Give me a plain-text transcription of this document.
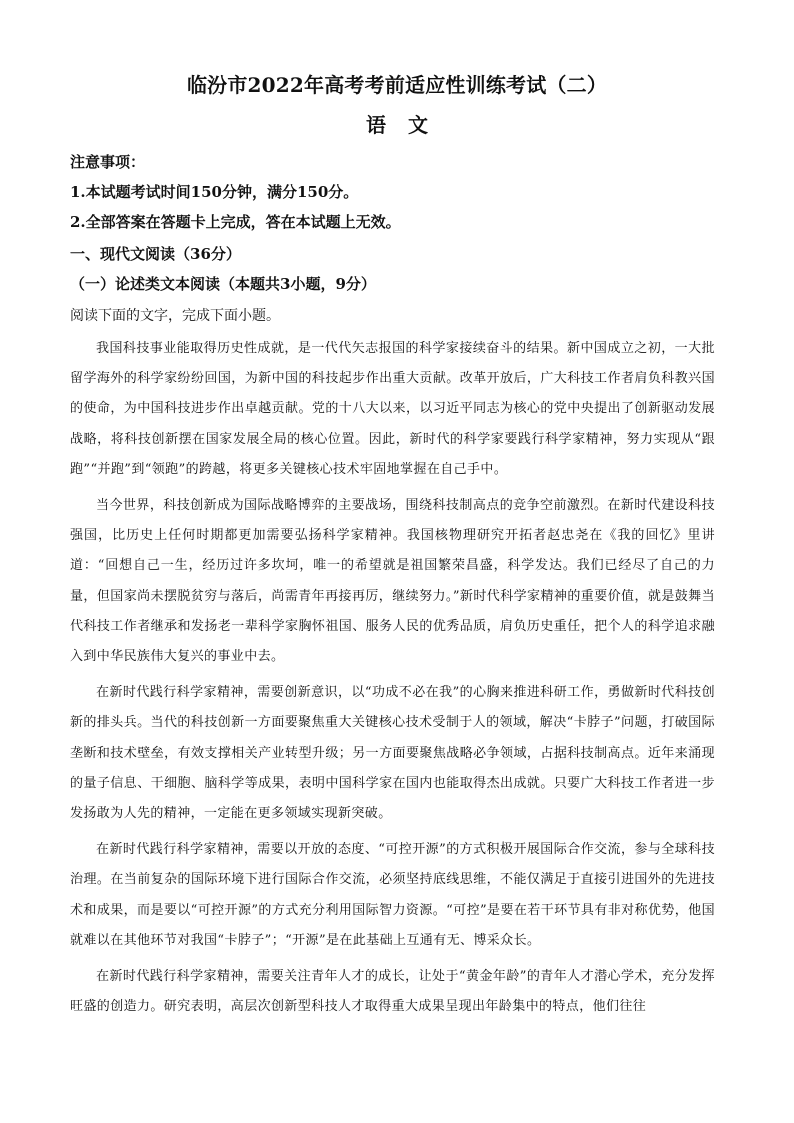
临汾市2022年高考考前适应性训练考试（二）
语文
注意事项：
1.本试题考试时间150分钟，满分150分。
2.全部答案在答题卡上完成，答在本试题上无效。
一、现代文阅读（36分）
（一）论述类文本阅读（本题共3小题，9分）
阅读下面的文字，完成下面小题。

我国科技事业能取得历史性成就，是一代代矢志报国的科学家接续奋斗的结果。新中国成立之初，一大批留学海外的科学家纷纷回国，为新中国的科技起步作出重大贡献。改革开放后，广大科技工作者肩负科教兴国的使命，为中国科技进步作出卓越贡献。党的十八大以来，以习近平同志为核心的党中央提出了创新驱动发展战略，将科技创新摆在国家发展全局的核心位置。因此，新时代的科学家要践行科学家精神，努力实现从“跟跑”“并跑”到“领跑”的跨越，将更多关键核心技术牢固地掌握在自己手中。

当今世界，科技创新成为国际战略博弈的主要战场，围绕科技制高点的竞争空前激烈。在新时代建设科技强国，比历史上任何时期都更加需要弘扬科学家精神。我国核物理研究开拓者赵忠尧在《我的回忆》里讲道：“回想自己一生，经历过许多坎坷，唯一的希望就是祖国繁荣昌盛，科学发达。我们已经尽了自己的力量，但国家尚未摆脱贫穷与落后，尚需青年再接再厉，继续努力。”新时代科学家精神的重要价值，就是鼓舞当代科技工作者继承和发扬老一辈科学家胸怀祖国、服务人民的优秀品质，肩负历史重任，把个人的科学追求融入到中华民族伟大复兴的事业中去。

在新时代践行科学家精神，需要创新意识，以“功成不必在我”的心胸来推进科研工作，勇做新时代科技创新的排头兵。当代的科技创新一方面要聚焦重大关键核心技术受制于人的领域，解决“卡脖子”问题，打破国际垄断和技术壁垒，有效支撑相关产业转型升级；另一方面要聚焦战略必争领域，占据科技制高点。近年来涌现的量子信息、干细胞、脑科学等成果，表明中国科学家在国内也能取得杰出成就。只要广大科技工作者进一步发扬敢为人先的精神，一定能在更多领域实现新突破。

在新时代践行科学家精神，需要以开放的态度、“可控开源”的方式积极开展国际合作交流，参与全球科技治理。在当前复杂的国际环境下进行国际合作交流，必须坚持底线思维，不能仅满足于直接引进国外的先进技术和成果，而是要以“可控开源”的方式充分利用国际智力资源。“可控”是要在若干环节具有非对称优势，他国就难以在其他环节对我国“卡脖子”；“开源”是在此基础上互通有无、博采众长。

在新时代践行科学家精神，需要关注青年人才的成长，让处于“黄金年龄”的青年人才潜心学术，充分发挥旺盛的创造力。研究表明，高层次创新型科技人才取得重大成果呈现出年龄集中的特点，他们往往
